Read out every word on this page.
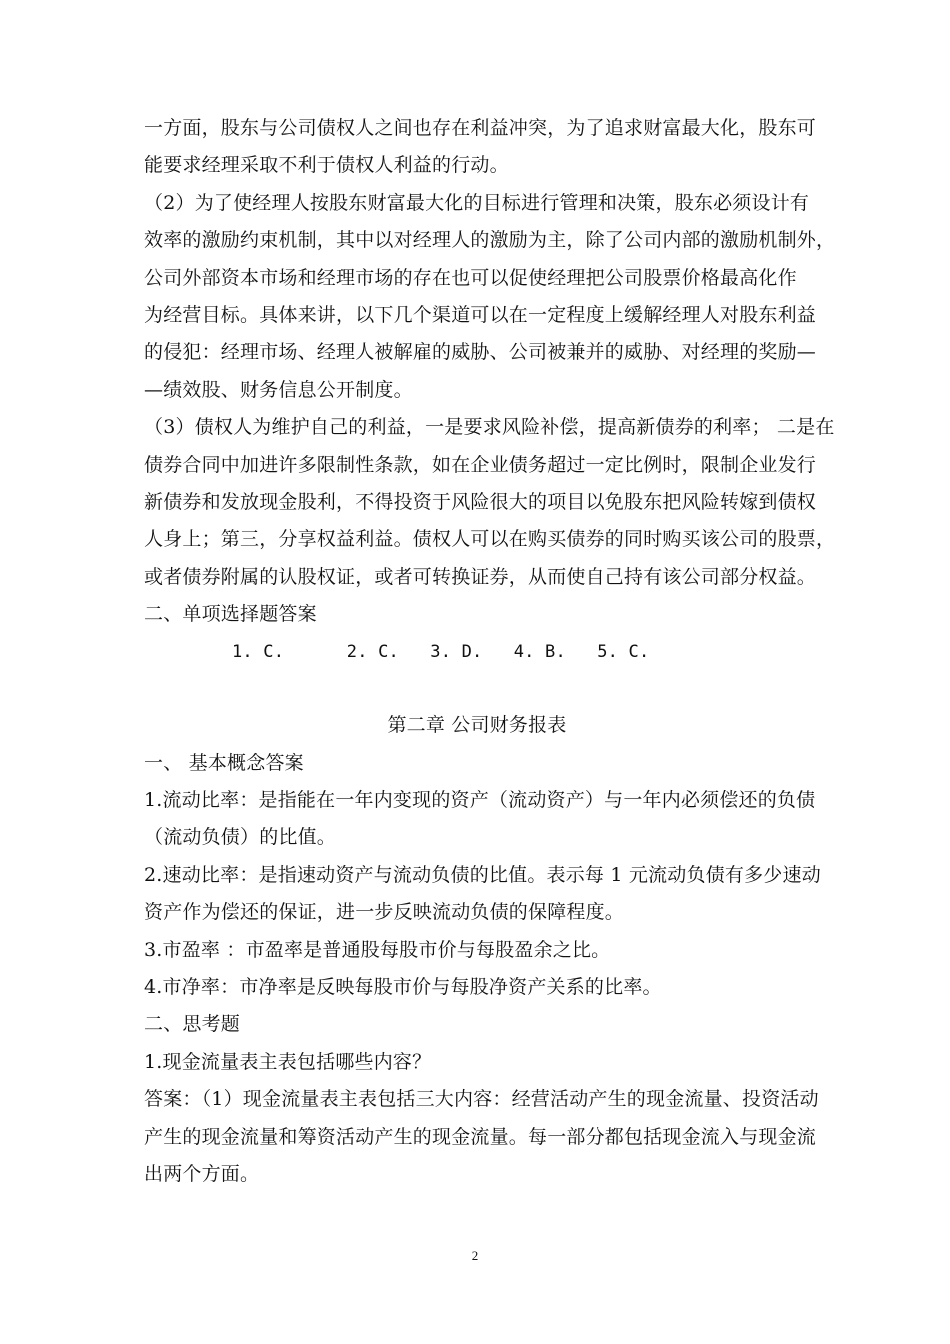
一方面，股东与公司债权人之间也存在利益冲突，为了追求财富最大化，股东可
能要求经理采取不利于债权人利益的行动。
（2）为了使经理人按股东财富最大化的目标进行管理和决策，股东必须设计有
效率的激励约束机制，其中以对经理人的激励为主，除了公司内部的激励机制外，
公司外部资本市场和经理市场的存在也可以促使经理把公司股票价格最高化作
为经营目标。具体来讲，以下几个渠道可以在一定程度上缓解经理人对股东利益
的侵犯：经理市场、经理人被解雇的威胁、公司被兼并的威胁、对经理的奖励—
—绩效股、财务信息公开制度。
（3）债权人为维护自己的利益，一是要求风险补偿，提高新债券的利率； 二是在
债券合同中加进许多限制性条款，如在企业债务超过一定比例时，限制企业发行
新债券和发放现金股利，不得投资于风险很大的项目以免股东把风险转嫁到债权
人身上；第三，分享权益利益。债权人可以在购买债券的同时购买该公司的股票，
或者债券附属的认股权证，或者可转换证券，从而使自己持有该公司部分权益。
二、单项选择题答案
1. C.      2. C.   3. D.   4. B.   5. C.
第二章 公司财务报表
一、 基本概念答案
1.流动比率：是指能在一年内变现的资产（流动资产）与一年内必须偿还的负债
（流动负债）的比值。
2.速动比率：是指速动资产与流动负债的比值。表示每 1 元流动负债有多少速动
资产作为偿还的保证，进一步反映流动负债的保障程度。
3.市盈率 ：市盈率是普通股每股市价与每股盈余之比。
4.市净率：市净率是反映每股市价与每股净资产关系的比率。
二、思考题
1.现金流量表主表包括哪些内容？
答案：（1）现金流量表主表包括三大内容：经营活动产生的现金流量、投资活动
产生的现金流量和筹资活动产生的现金流量。每一部分都包括现金流入与现金流
出两个方面。
2
